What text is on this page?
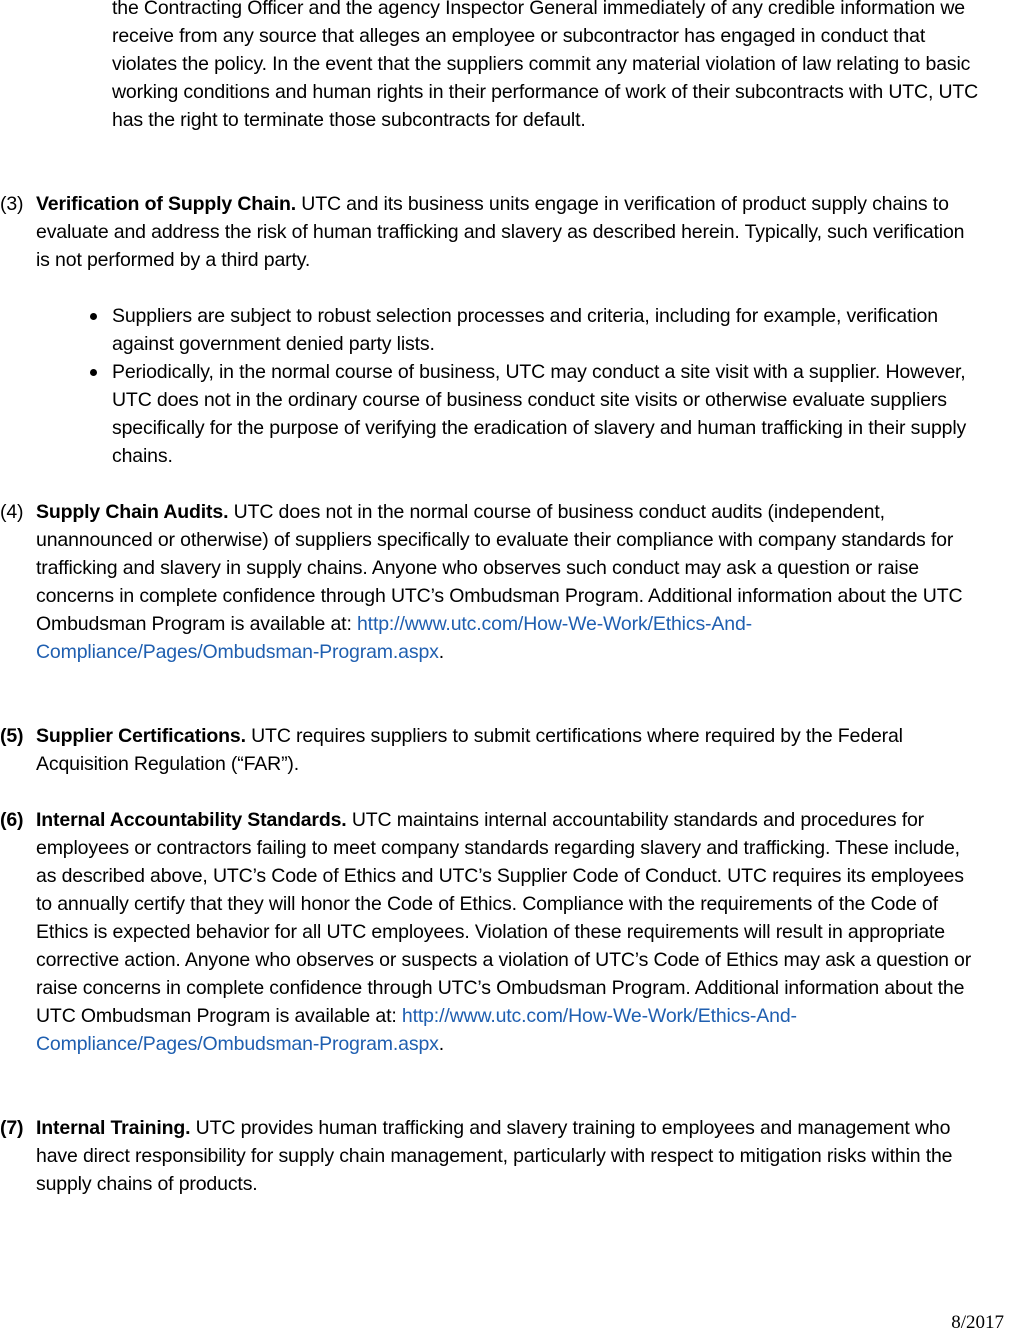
the Contracting Officer and the agency Inspector General immediately of any credible information we receive from any source that alleges an employee or subcontractor has engaged in conduct that violates the policy. In the event that the suppliers commit any material violation of law relating to basic working conditions and human rights in their performance of work of their subcontracts with UTC, UTC has the right to terminate those subcontracts for default.

(3) Verification of Supply Chain. UTC and its business units engage in verification of product supply chains to evaluate and address the risk of human trafficking and slavery as described herein. Typically, such verification is not performed by a third party.
Suppliers are subject to robust selection processes and criteria, including for example, verification against government denied party lists.
Periodically, in the normal course of business, UTC may conduct a site visit with a supplier. However, UTC does not in the ordinary course of business conduct site visits or otherwise evaluate suppliers specifically for the purpose of verifying the eradication of slavery and human trafficking in their supply chains.
(4) Supply Chain Audits. UTC does not in the normal course of business conduct audits (independent, unannounced or otherwise) of suppliers specifically to evaluate their compliance with company standards for trafficking and slavery in supply chains. Anyone who observes such conduct may ask a question or raise concerns in complete confidence through UTC’s Ombudsman Program. Additional information about the UTC Ombudsman Program is available at: http://www.utc.com/How-We-Work/Ethics-And-Compliance/Pages/Ombudsman-Program.aspx.
(5) Supplier Certifications. UTC requires suppliers to submit certifications where required by the Federal Acquisition Regulation (“FAR”).
(6) Internal Accountability Standards. UTC maintains internal accountability standards and procedures for employees or contractors failing to meet company standards regarding slavery and trafficking. These include, as described above, UTC’s Code of Ethics and UTC’s Supplier Code of Conduct. UTC requires its employees to annually certify that they will honor the Code of Ethics. Compliance with the requirements of the Code of Ethics is expected behavior for all UTC employees. Violation of these requirements will result in appropriate corrective action. Anyone who observes or suspects a violation of UTC’s Code of Ethics may ask a question or raise concerns in complete confidence through UTC’s Ombudsman Program. Additional information about the UTC Ombudsman Program is available at: http://www.utc.com/How-We-Work/Ethics-And-Compliance/Pages/Ombudsman-Program.aspx.
(7) Internal Training. UTC provides human trafficking and slavery training to employees and management who have direct responsibility for supply chain management, particularly with respect to mitigation risks within the supply chains of products.
8/2017
